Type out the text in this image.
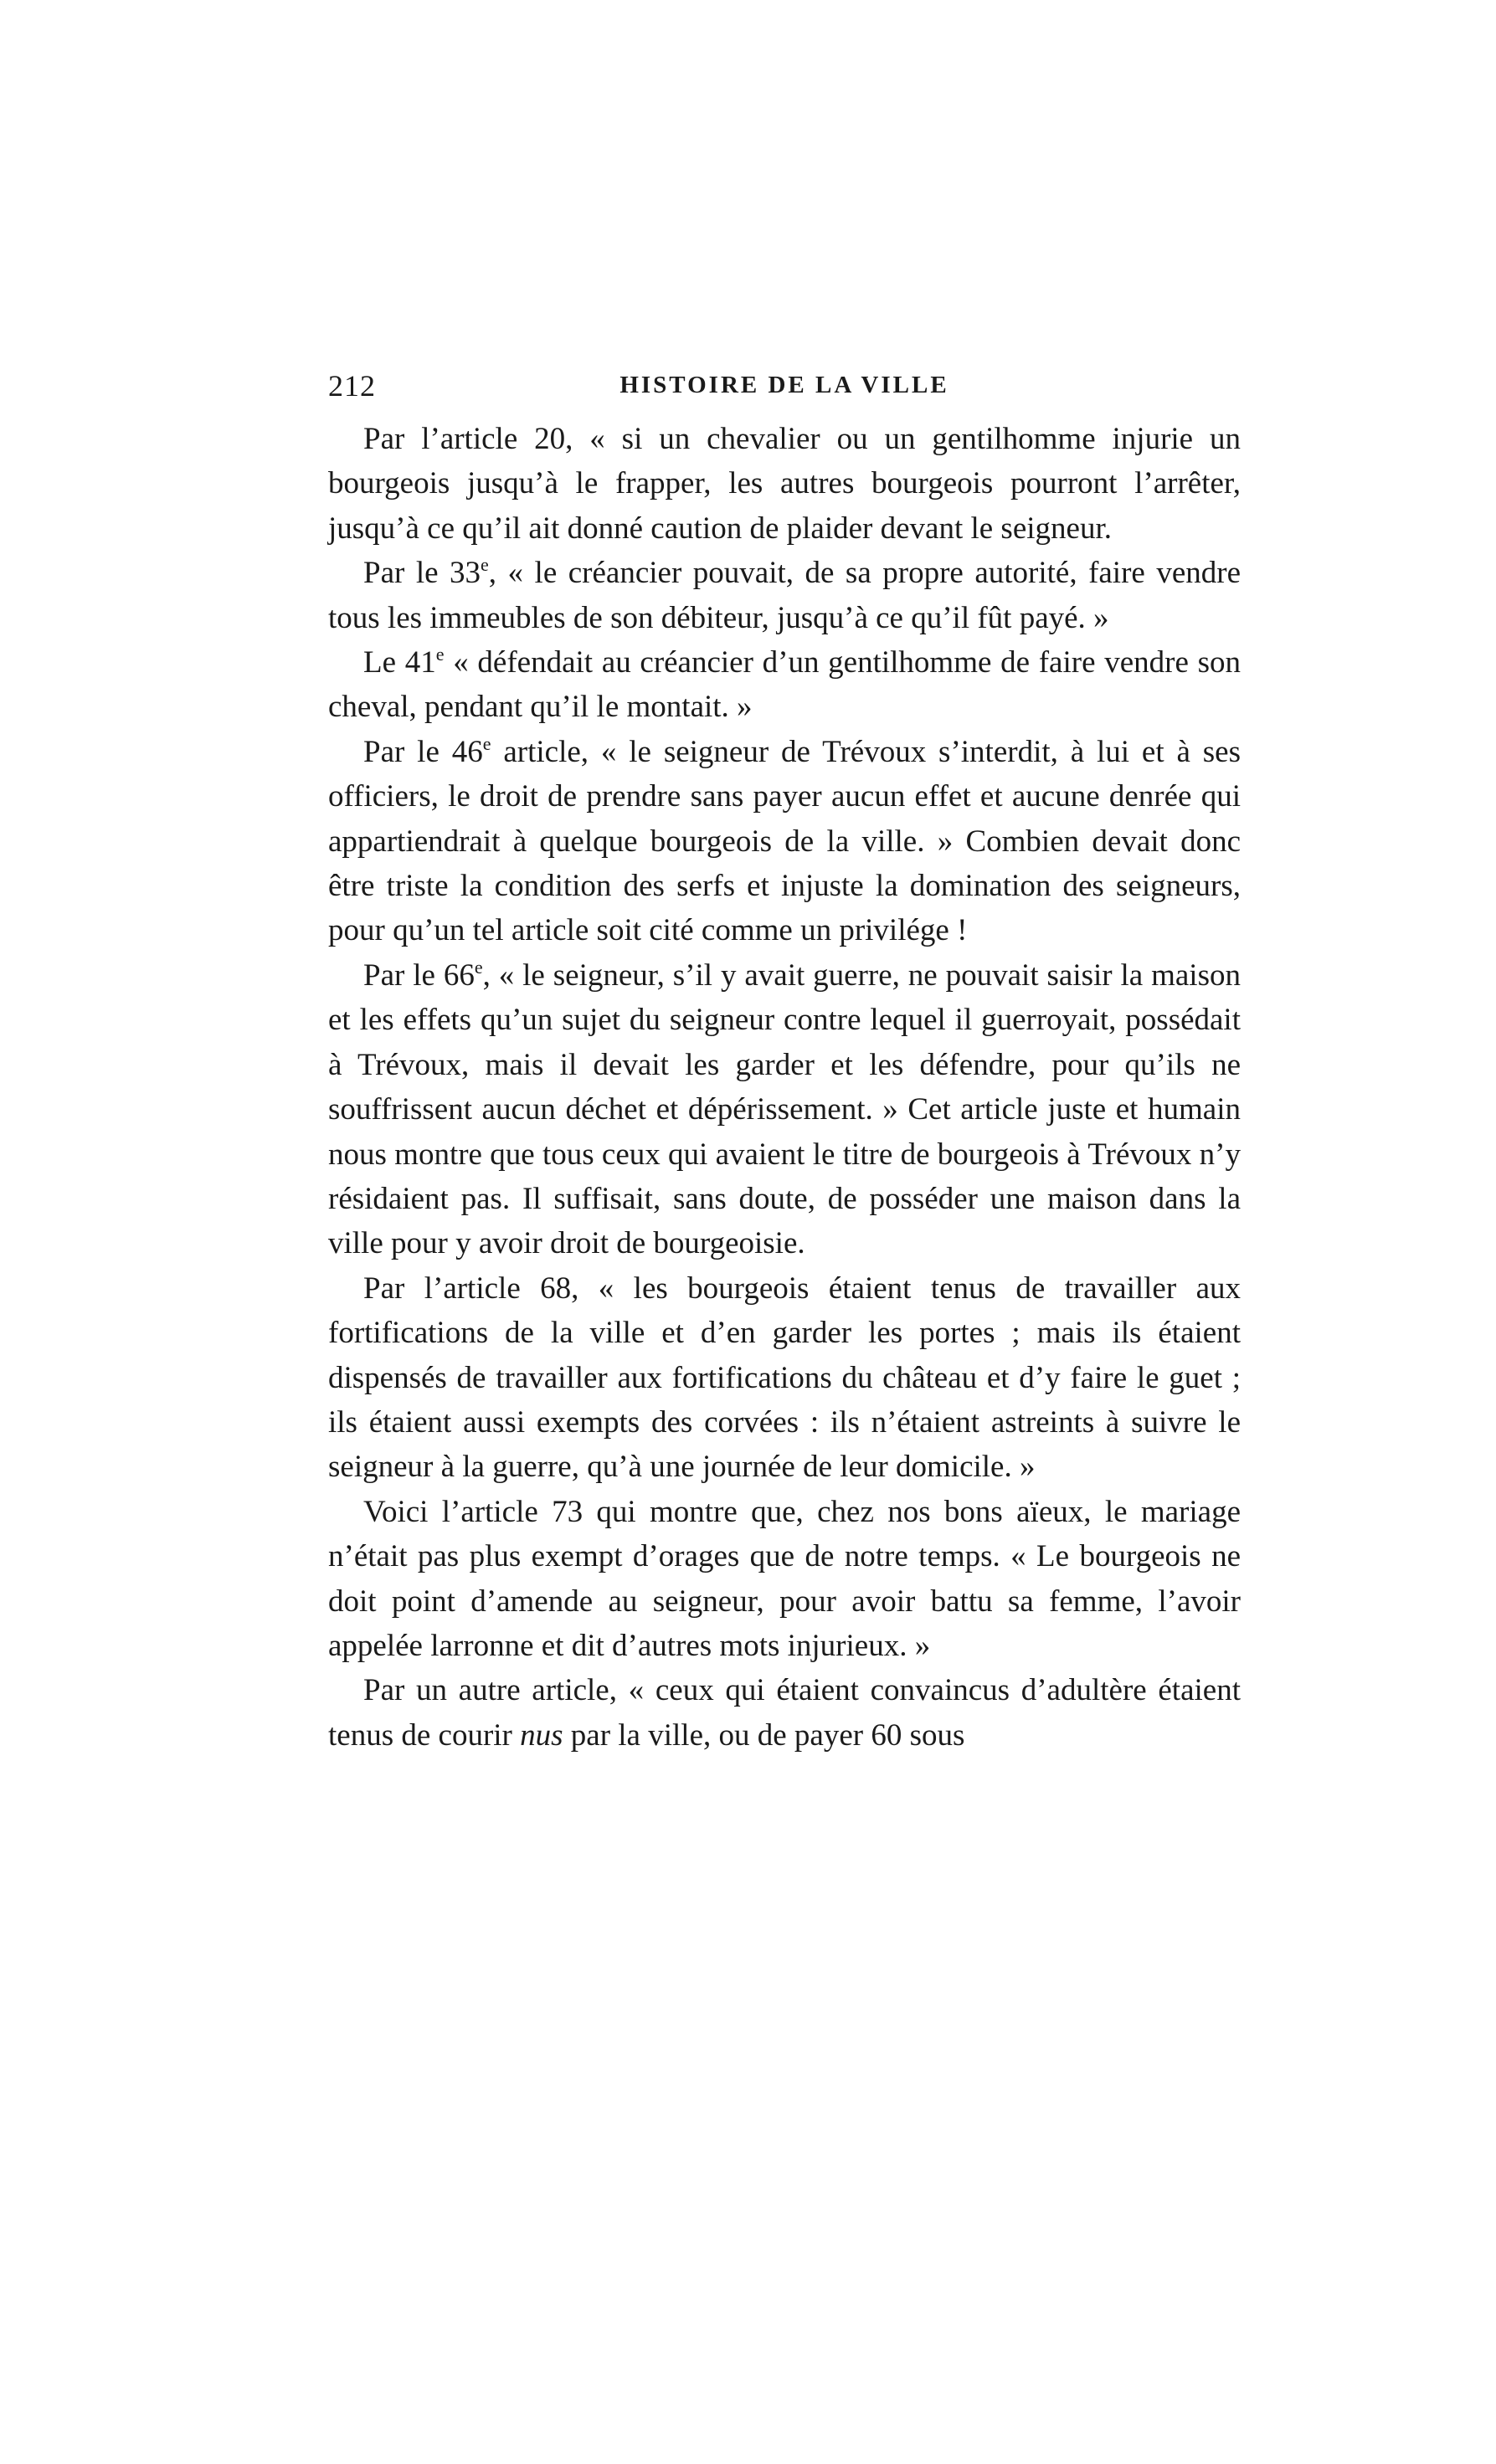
212	HISTOIRE DE LA VILLE

Par l’article 20, « si un chevalier ou un gentilhomme injurie un bourgeois jusqu’à le frapper, les autres bourgeois pourront l’arrêter, jusqu’à ce qu’il ait donné caution de plaider devant le seigneur.

Par le 33e, « le créancier pouvait, de sa propre autorité, faire vendre tous les immeubles de son débiteur, jusqu’à ce qu’il fût payé. »

Le 41e « défendait au créancier d’un gentilhomme de faire vendre son cheval, pendant qu’il le montait. »

Par le 46e article, « le seigneur de Trévoux s’interdit, à lui et à ses officiers, le droit de prendre sans payer aucun effet et aucune denrée qui appartiendrait à quelque bourgeois de la ville. » Combien devait donc être triste la condition des serfs et injuste la domination des seigneurs, pour qu’un tel article soit cité comme un privilége !

Par le 66e, « le seigneur, s’il y avait guerre, ne pouvait saisir la maison et les effets qu’un sujet du seigneur contre lequel il guerroyait, possédait à Trévoux, mais il devait les garder et les défendre, pour qu’ils ne souffrissent aucun déchet et dépérissement. » Cet article juste et humain nous montre que tous ceux qui avaient le titre de bourgeois à Trévoux n’y résidaient pas. Il suffisait, sans doute, de posséder une maison dans la ville pour y avoir droit de bourgeoisie.

Par l’article 68, « les bourgeois étaient tenus de travailler aux fortifications de la ville et d’en garder les portes ; mais ils étaient dispensés de travailler aux fortifications du château et d’y faire le guet ; ils étaient aussi exempts des corvées : ils n’étaient astreints à suivre le seigneur à la guerre, qu’à une journée de leur domicile. »

Voici l’article 73 qui montre que, chez nos bons aïeux, le mariage n’était pas plus exempt d’orages que de notre temps. « Le bourgeois ne doit point d’amende au seigneur, pour avoir battu sa femme, l’avoir appelée larronne et dit d’autres mots injurieux. »

Par un autre article, « ceux qui étaient convaincus d’adultère étaient tenus de courir nus par la ville, ou de payer 60 sous
